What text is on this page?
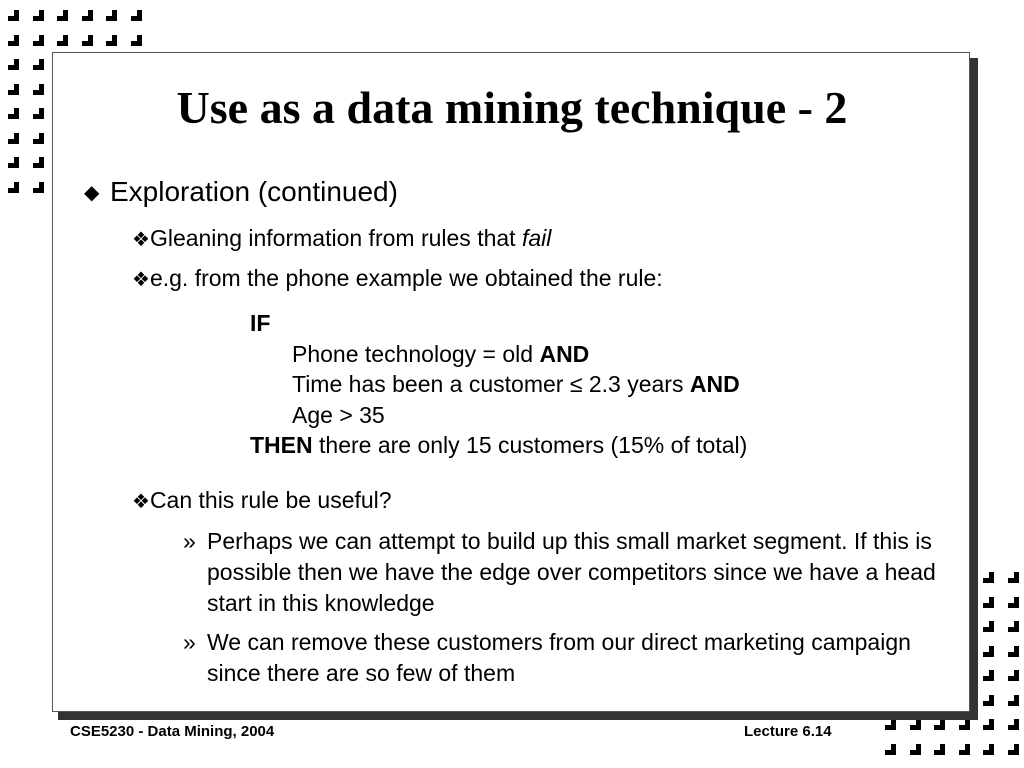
Use as a data mining technique - 2
◆ Exploration (continued)
❖Gleaning information from rules that fail
❖e.g. from the phone example we obtained the rule:
IF
Phone technology = old AND
Time has been a customer ≤ 2.3 years AND
Age > 35
THEN there are only 15 customers (15% of total)
❖Can this rule be useful?
» Perhaps we can attempt to build up this small market segment. If this is possible then we have the edge over competitors since we have a head start in this knowledge
» We can remove these customers from our direct marketing campaign since there are so few of them
CSE5230 - Data Mining, 2004	Lecture 6.14
